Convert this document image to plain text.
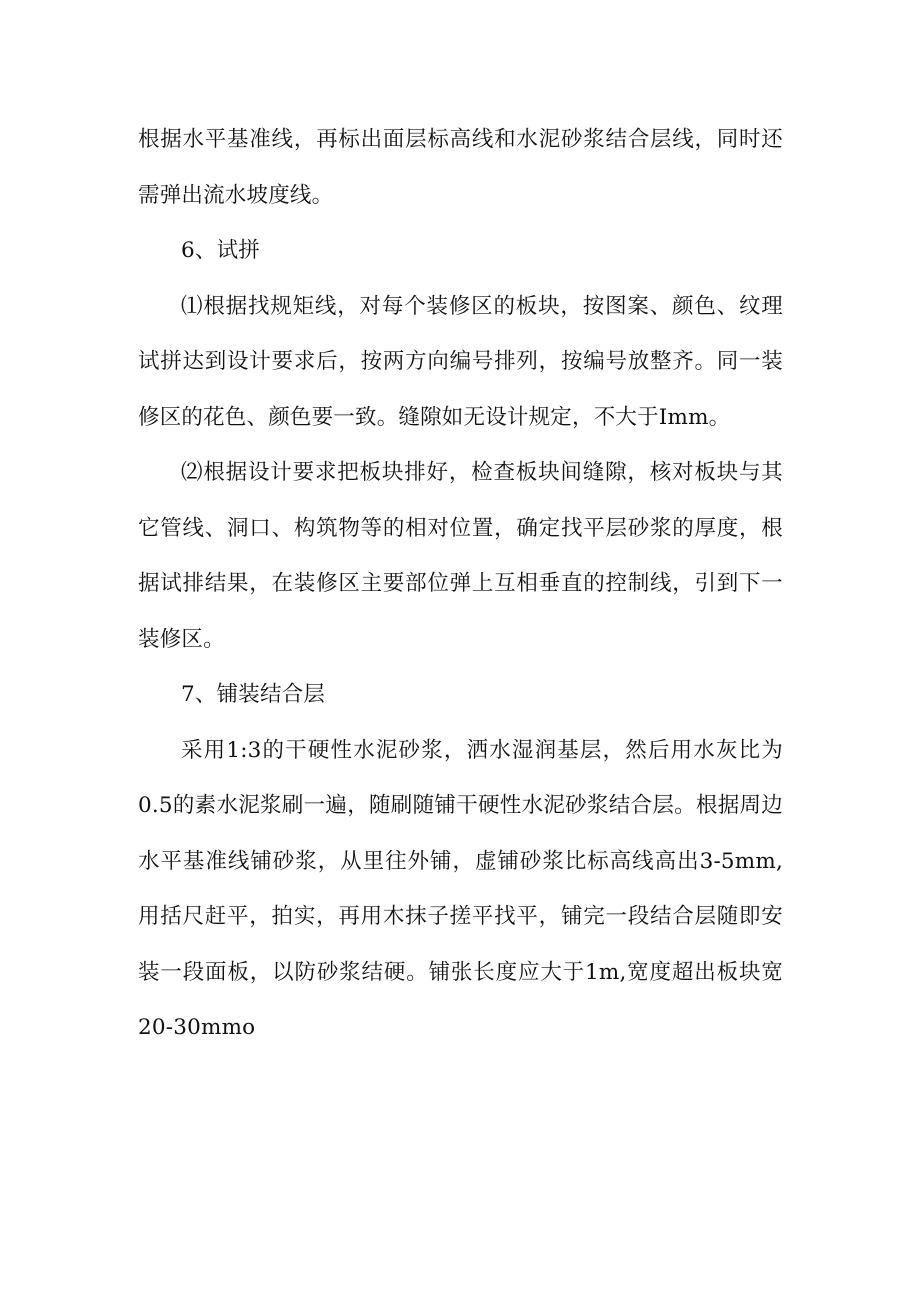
根据水平基准线，再标出面层标高线和水泥砂浆结合层线，同时还需弹出流水坡度线。

6、试拼

⑴根据找规矩线，对每个装修区的板块，按图案、颜色、纹理试拼达到设计要求后，按两方向编号排列，按编号放整齐。同一装修区的花色、颜色要一致。缝隙如无设计规定，不大于Imm。

⑵根据设计要求把板块排好，检查板块间缝隙，核对板块与其它管线、洞口、构筑物等的相对位置，确定找平层砂浆的厚度，根据试排结果，在装修区主要部位弹上互相垂直的控制线，引到下一装修区。

7、铺装结合层

采用1:3的干硬性水泥砂浆，洒水湿润基层，然后用水灰比为0.5的素水泥浆刷一遍，随刷随铺干硬性水泥砂浆结合层。根据周边水平基准线铺砂浆，从里往外铺，虚铺砂浆比标高线高出3-5mm,用括尺赶平，拍实，再用木抹子搓平找平，铺完一段结合层随即安装一段面板，以防砂浆结硬。铺张长度应大于1m,宽度超出板块宽20-30mmo
